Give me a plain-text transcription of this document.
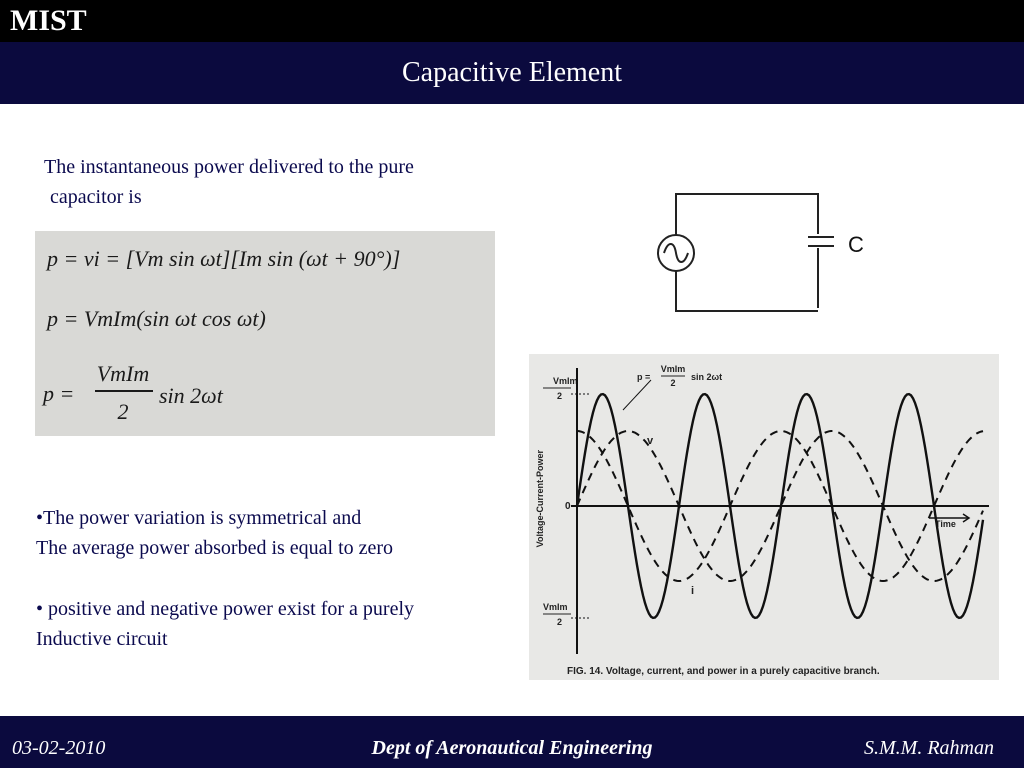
MIST
Capacitive Element
The instantaneous power delivered to the pure
capacitor is
p = vi = [Vm sin ωt][Im sin (ωt + 90°)]
p = VmIm(sin ωt cos ωt)
p =
VmIm
2
sin 2ωt

•The power variation is symmetrical and

The average power absorbed is equal to zero

• positive and negative power exist for a purely

Inductive circuit

C
Voltage-Current-Power 0
VmIm
2
VmIm
2
p =
VmIm
2
sin 2ωt
v
i
Time
FIG. 14. Voltage, current, and power in a purely capacitive branch.
03-02-2010	Dept of Aeronautical Engineering	S.M.M. Rahman
